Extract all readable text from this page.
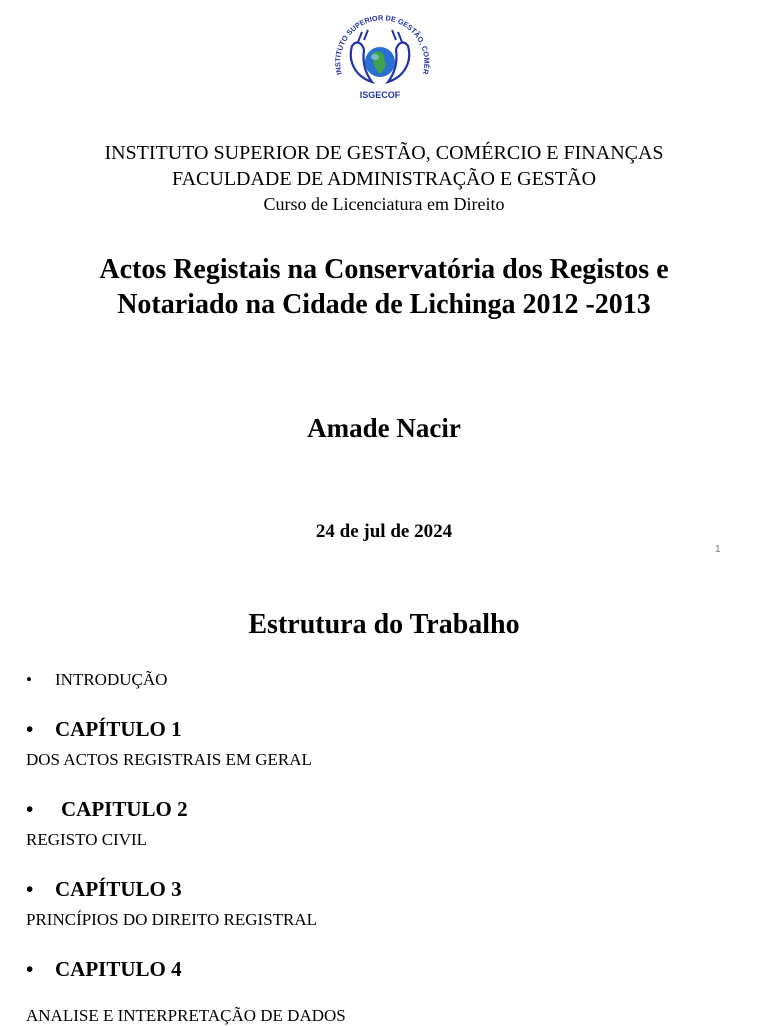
INSTITUTO SUPERIOR DE GESTÃO, COMÉR
ISGECOF
INSTITUTO SUPERIOR DE GESTÃO, COMÉRCIO E FINANÇAS
FACULDADE DE ADMINISTRAÇÃO E GESTÃO
Curso de Licenciatura em Direito
Actos Registais na Conservatória dos Registos e
Notariado na Cidade de Lichinga 2012 -2013
Amade Nacir
24 de jul de 2024
1
Estrutura do Trabalho
• INTRODUÇÃO
• CAPÍTULO 1
DOS ACTOS REGISTRAIS EM GERAL
• CAPITULO 2
REGISTO CIVIL
• CAPÍTULO 3
PRINCÍPIOS DO DIREITO REGISTRAL
• CAPITULO 4
ANALISE E INTERPRETAÇÃO DE DADOS
